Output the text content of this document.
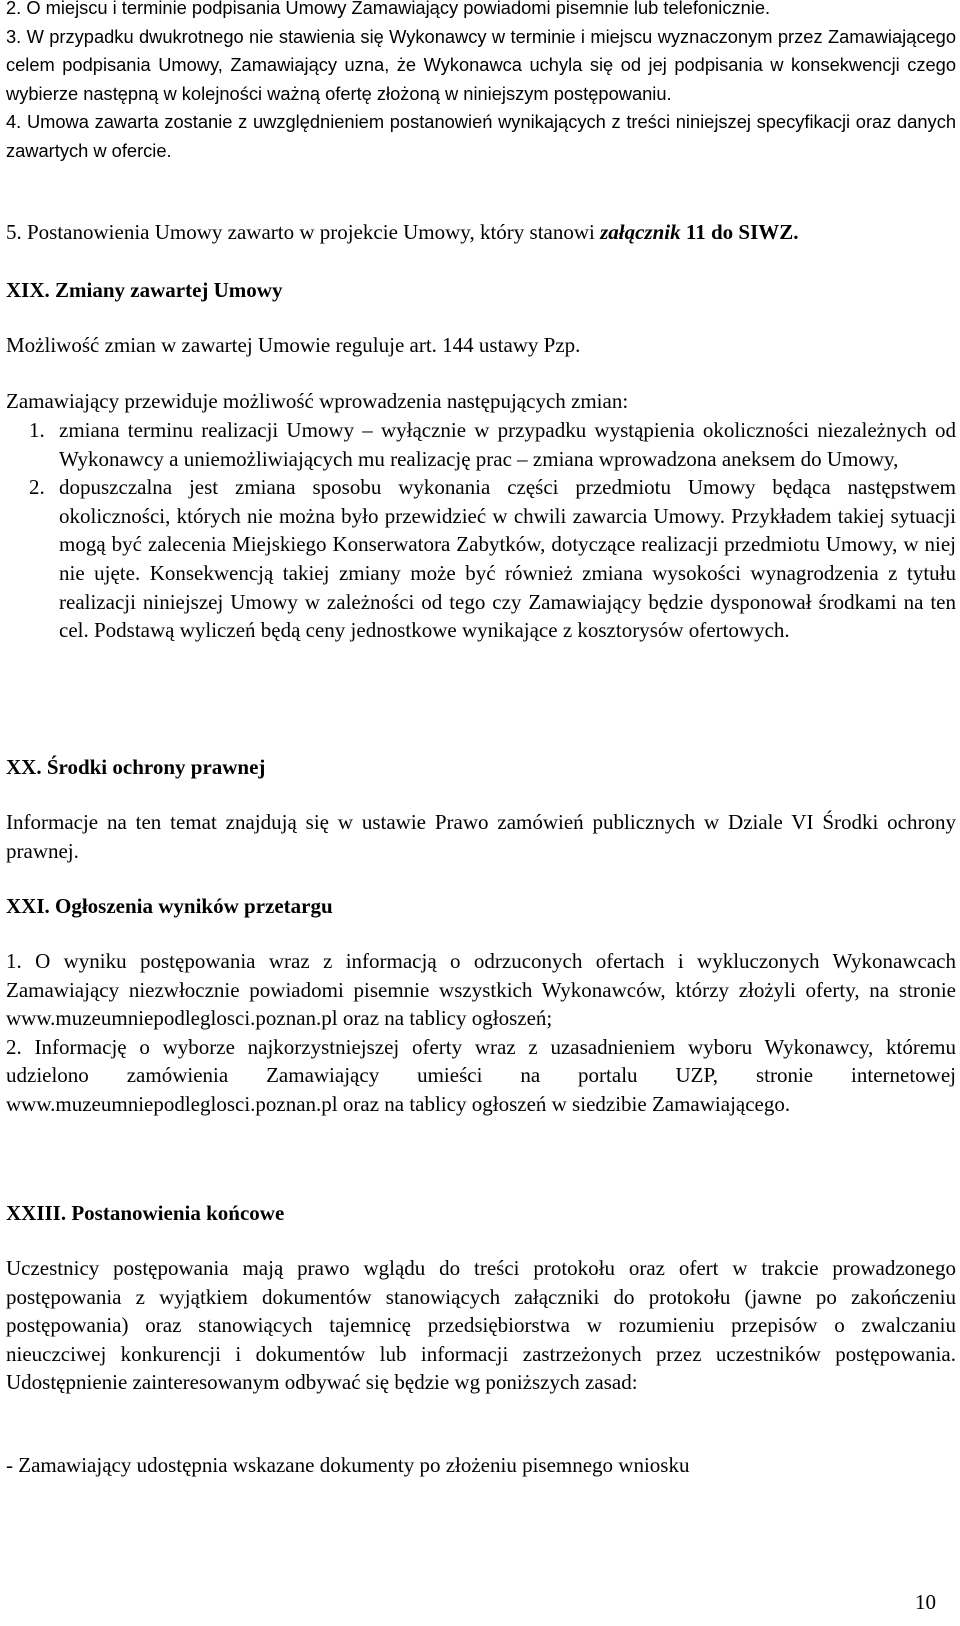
2. O miejscu i terminie podpisania Umowy Zamawiający powiadomi pisemnie lub telefonicznie.

3. W przypadku dwukrotnego nie stawienia się Wykonawcy w terminie i miejscu wyznaczonym przez Zamawiającego celem podpisania Umowy, Zamawiający uzna, że Wykonawca uchyla się od jej podpisania w konsekwencji czego wybierze następną w kolejności ważną ofertę złożoną w niniejszym postępowaniu.

4. Umowa zawarta zostanie z uwzględnieniem postanowień wynikających z treści niniejszej specyfikacji oraz danych zawartych w ofercie.

5. Postanowienia Umowy zawarto w projekcie Umowy, który stanowi załącznik 11 do SIWZ.

XIX. Zmiany zawartej Umowy

Możliwość zmian w zawartej Umowie reguluje art. 144 ustawy Pzp.

Zamawiający przewiduje możliwość wprowadzenia następujących zmian:

1. zmiana terminu realizacji Umowy – wyłącznie w przypadku wystąpienia okoliczności niezależnych od Wykonawcy a uniemożliwiających mu realizację prac – zmiana wprowadzona aneksem do Umowy,

2. dopuszczalna jest zmiana sposobu wykonania części przedmiotu Umowy będąca następstwem okoliczności, których nie można było przewidzieć w chwili zawarcia Umowy. Przykładem takiej sytuacji mogą być zalecenia Miejskiego Konserwatora Zabytków, dotyczące realizacji przedmiotu Umowy, w niej nie ujęte. Konsekwencją takiej zmiany może być również zmiana wysokości wynagrodzenia z tytułu realizacji niniejszej Umowy w zależności od tego czy Zamawiający będzie dysponował środkami na ten cel. Podstawą wyliczeń będą ceny jednostkowe wynikające z kosztorysów ofertowych.

XX. Środki ochrony prawnej

Informacje na ten temat znajdują się w ustawie Prawo zamówień publicznych w Dziale VI Środki ochrony prawnej.

XXI. Ogłoszenia wyników przetargu

1. O wyniku postępowania wraz z informacją o odrzuconych ofertach i wykluczonych Wykonawcach Zamawiający niezwłocznie powiadomi pisemnie wszystkich Wykonawców, którzy złożyli oferty, na stronie www.muzeumniepodleglosci.poznan.pl oraz na tablicy ogłoszeń;

2. Informację o wyborze najkorzystniejszej oferty wraz z uzasadnieniem wyboru Wykonawcy, któremu udzielono zamówienia Zamawiający umieści na portalu UZP, stronie internetowej www.muzeumniepodleglosci.poznan.pl oraz na tablicy ogłoszeń w siedzibie Zamawiającego.

XXIII. Postanowienia końcowe

Uczestnicy postępowania mają prawo wglądu do treści protokołu oraz ofert w trakcie prowadzonego postępowania z wyjątkiem dokumentów stanowiących załączniki do protokołu (jawne po zakończeniu postępowania) oraz stanowiących tajemnicę przedsiębiorstwa w rozumieniu przepisów o zwalczaniu nieuczciwej konkurencji i dokumentów lub informacji zastrzeżonych przez uczestników postępowania. Udostępnienie zainteresowanym odbywać się będzie wg poniższych zasad:

- Zamawiający udostępnia wskazane dokumenty po złożeniu pisemnego wniosku

10
